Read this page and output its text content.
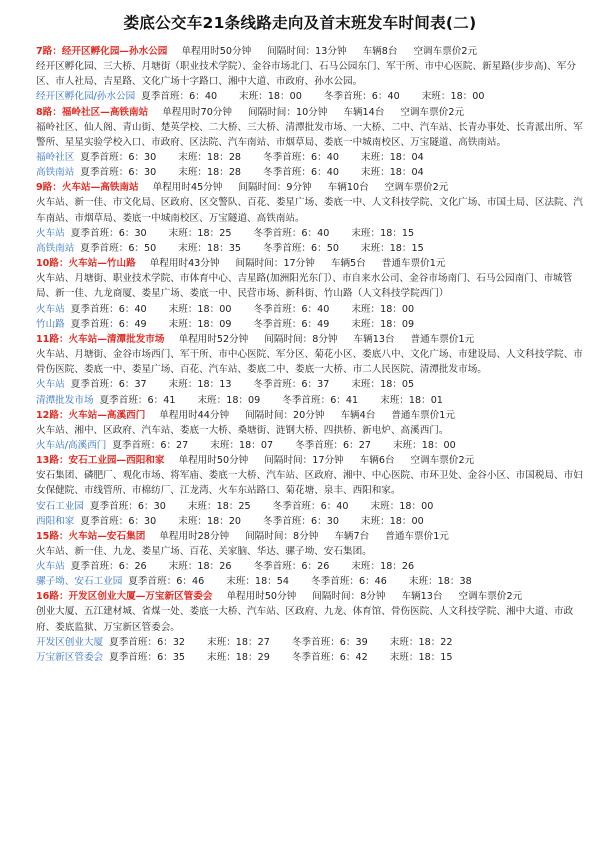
娄底公交车21条线路走向及首末班发车时间表(二)
7路：经开区孵化园—孙水公园 单程用时50分钟 间隔时间：13分钟 车辆8台 空调车票价2元
经开区孵化园、三大桥、月塘街（职业技术学院）、金谷市场北门、石马公园东门、军干所、市中心医院、新星路(步步高)、军分区、市人社局、吉星路、文化广场十字路口、湘中大道、市政府、孙水公园。
经开区孵化园/孙水公园 夏季首班：6：40 末班：18：00 冬季首班：6：40 末班：18：00
8路：福岭社区—高铁南站 单程用时70分钟 间隔时间：10分钟 车辆14台 空调车票价2元
福岭社区、仙人阁、青山街、楚英学校、二大桥、三大桥、清潭批发市场、一大桥、二中、汽车站、长青办事处、长青派出所、军警所、星星实验学校入口、市政府、区法院、汽车南站、市烟草局、娄底一中城南校区、万宝隧道、高铁南站。
福岭社区 夏季首班：6：30 末班：18：28 冬季首班：6：40 末班：18：04
高铁南站 夏季首班：6：30 末班：18：28 冬季首班：6：40 末班：18：04
9路：火车站—高铁南站 单程用时45分钟 间隔时间：9分钟 车辆10台 空调车票价2元
火车站、新一佳、市文化局、区政府、区交警队、百花、娄星广场、娄底一中、人文科技学院、文化广场、市国土局、区法院、汽车南站、市烟草局、娄底一中城南校区、万宝隧道、高铁南站。
火车站 夏季首班：6：30 末班：18：25 冬季首班：6：40 末班：18：15
高铁南站 夏季首班：6：50 末班：18：35 冬季首班：6：50 末班：18：15
10路：火车站—竹山路 单程用时43分钟 间隔时间：17分钟 车辆5台 普通车票价1元
火车站、月塘街、职业技术学院、市体育中心、吉星路(加洲阳光东门）、市自来水公司、金谷市场南门、石马公园南门、市城管局、新一佳、九龙商厦、娄星广场、娄底一中、民营市场、新科街、竹山路（人文科技学院西门）
火车站 夏季首班：6：40 末班：18：00 冬季首班：6：40 末班：18：00
竹山路 夏季首班：6：49 末班：18：09 冬季首班：6：49 末班：18：09
11路：火车站—清潭批发市场 单程用时52分钟 间隔时间：8分钟 车辆13台 普通车票价1元
火车站、月塘街、金谷市场西门、军干所、市中心医院、军分区、菊花小区、娄底八中、文化广场、市建设局、人文科技学院、市骨伤医院、娄底一中、娄星广场、百花、汽车站、娄底二中、娄底一大桥、市二人民医院、清潭批发市场。
火车站 夏季首班：6：37 末班：18：13 冬季首班：6：37 末班：18：05
清潭批发市场 夏季首班：6：41 末班：18：09 冬季首班：6：41 末班：18：01
12路：火车站—高溪西门 单程用时44分钟 间隔时间：20分钟 车辆4台 普通车票价1元
火车站、湘中、区政府、汽车站、娄底一大桥、桑塘街、涟钢大桥、四拱桥、新电炉、高溪西门。
火车站/高溪西门 夏季首班：6：27 末班：18：07 冬季首班：6：27 末班：18：00
13路：安石工业园—西阳和家 单程用时50分钟 间隔时间：17分钟 车辆6台 空调车票价2元
安石集团、磷肥厂、观化市场、将军庙、娄底一大桥、汽车站、区政府、湘中、中心医院、市环卫处、金谷小区、市国税局、市妇女保健院、市线管所、市棉纺厂、江龙湾、火车东站路口、菊花塘、泉丰、西阳和家。
安石工业园 夏季首班：6：30 末班：18：25 冬季首班：6：40 末班：18：00
西阳和家 夏季首班：6：30 末班：18：20 冬季首班：6：30 末班：18：00
15路：火车站—安石集团 单程用时28分钟 间隔时间：8分钟 车辆7台 普通车票价1元
火车站、新一佳、九龙、娄星广场、百花、关家脑、华达、骡子坳、安石集团。
火车站 夏季首班：6：26 末班：18：26 冬季首班：6：26 末班：18：26
骡子坳、安石工业园 夏季首班：6：46 末班：18：54 冬季首班：6：46 末班：18：38
16路：开发区创业大厦—万宝新区管委会 单程用时50分钟 间隔时间：8分钟 车辆13台 空调车票价2元
创业大厦、五江建材城、省煤一处、娄底一大桥、汽车站、区政府、九龙、体育馆、骨伤医院、人文科技学院、湘中大道、市政府、娄底监狱、万宝新区管委会。
开发区创业大厦 夏季首班：6：32 末班：18：27 冬季首班：6：39 末班：18：22
万宝新区管委会 夏季首班：6：35 末班：18：29 冬季首班：6：42 末班：18：15
